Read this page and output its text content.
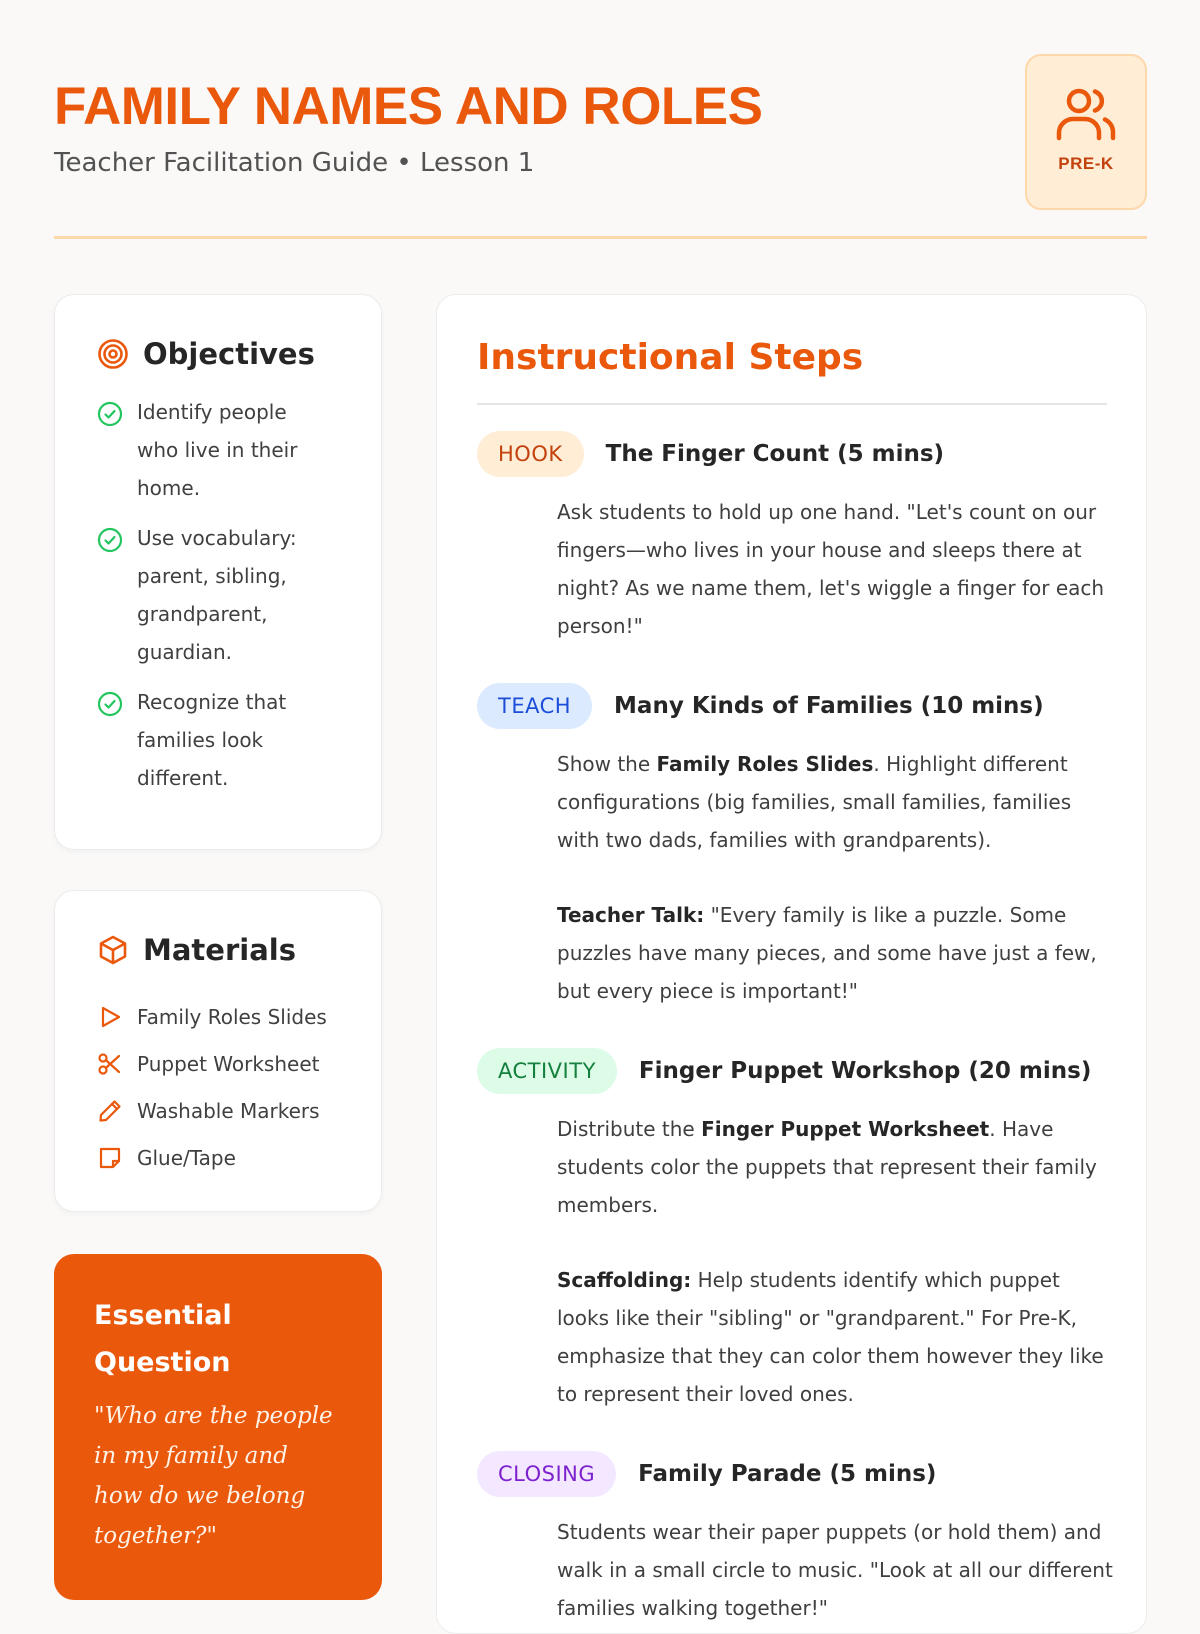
FAMILY NAMES AND ROLES
Teacher Facilitation Guide • Lesson 1	PRE-K
Objectives
Identify people who live in their home.
Use vocabulary: parent, sibling, grandparent, guardian.
Recognize that families look different.
Materials
Family Roles Slides
Puppet Worksheet
Washable Markers
Glue/Tape
Essential Question
"Who are the people in my family and how do we belong together?"
Instructional Steps
HOOK	The Finger Count (5 mins)

Ask students to hold up one hand. "Let's count on our fingers—who lives in your house and sleeps there at night? As we name them, let's wiggle a finger for each person!"

TEACH	Many Kinds of Families (10 mins)

Show the Family Roles Slides. Highlight different configurations (big families, small families, families with two dads, families with grandparents).

Teacher Talk: "Every family is like a puzzle. Some puzzles have many pieces, and some have just a few, but every piece is important!"

ACTIVITY	Finger Puppet Workshop (20 mins)

Distribute the Finger Puppet Worksheet. Have students color the puppets that represent their family members.

Scaffolding: Help students identify which puppet looks like their "sibling" or "grandparent." For Pre-K, emphasize that they can color them however they like to represent their loved ones.

CLOSING	Family Parade (5 mins)

Students wear their paper puppets (or hold them) and walk in a small circle to music. "Look at all our different families walking together!"
